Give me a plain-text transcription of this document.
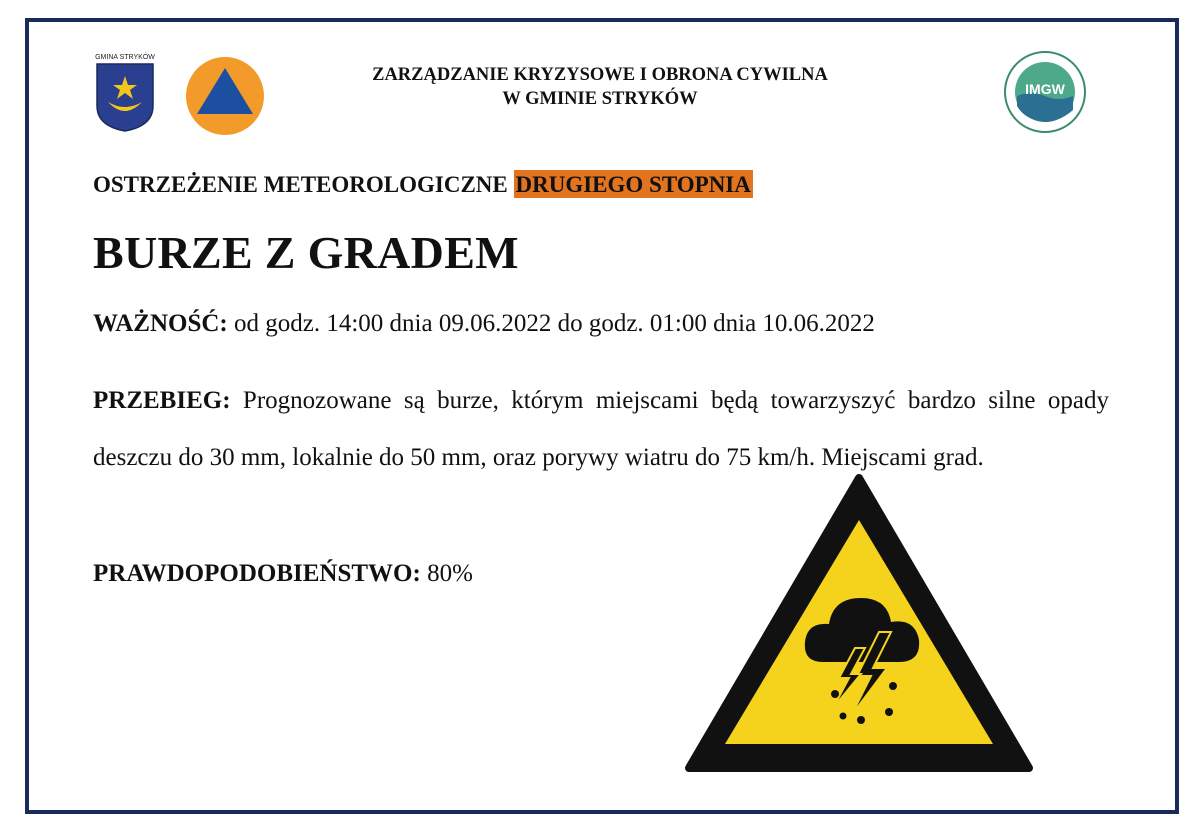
GMINA STRYKÓW
ZARZĄDZANIE KRYZYSOWE I OBRONA CYWILNA
W GMINIE STRYKÓW	IMGW
OSTRZEŻENIE METEOROLOGICZNE DRUGIEGO STOPNIA
BURZE Z GRADEM
WAŻNOŚĆ: od godz. 14:00 dnia 09.06.2022 do godz. 01:00 dnia 10.06.2022
PRZEBIEG: Prognozowane są burze, którym miejscami będą towarzyszyć bardzo silne opady deszczu do 30 mm, lokalnie do 50 mm, oraz porywy wiatru do 75 km/h. Miejscami grad.
PRAWDOPODOBIEŃSTWO: 80%
